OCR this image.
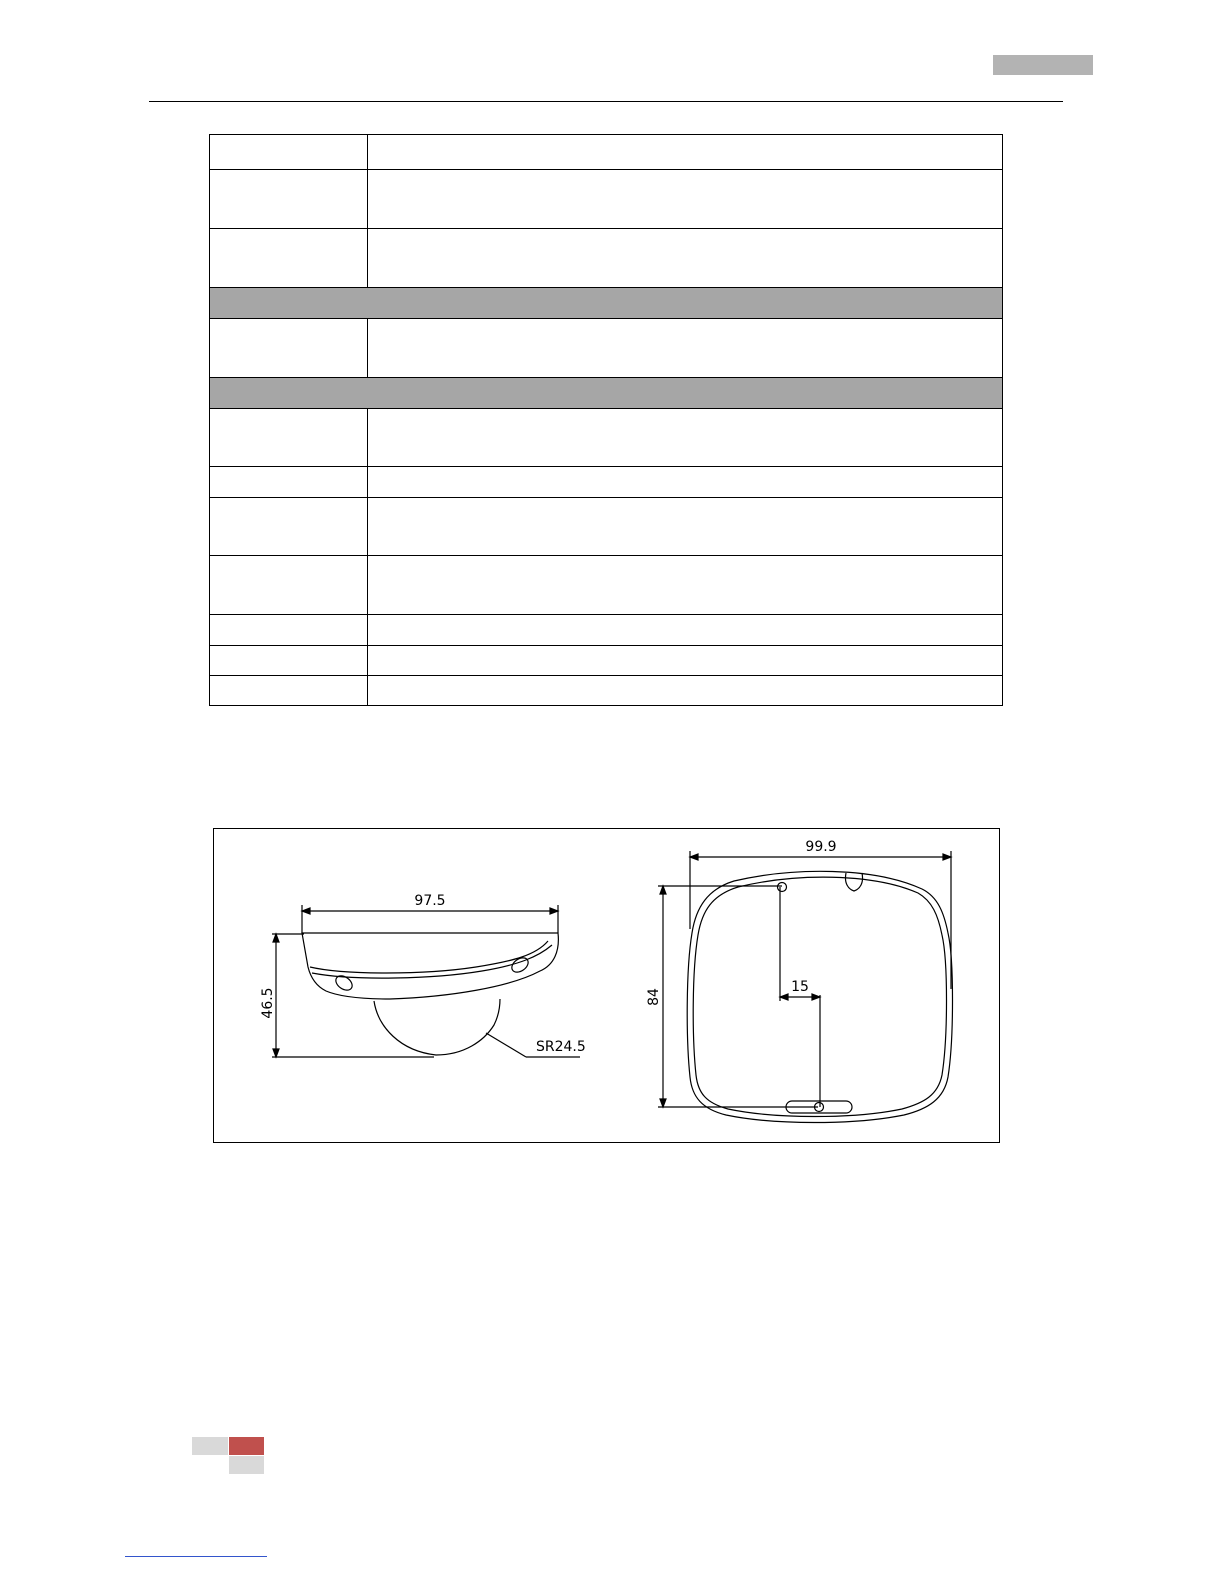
97.5
46.5
SR24.5
99.9
84
15
